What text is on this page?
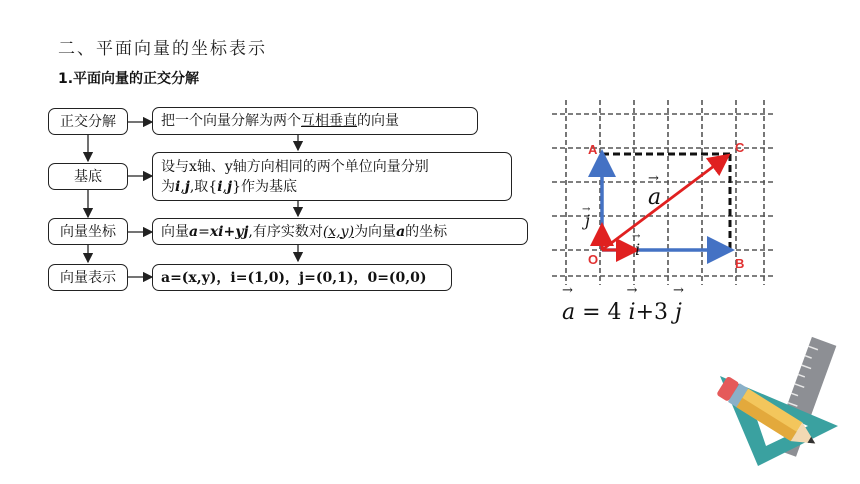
二、平面向量的坐标表示
1.平面向量的正交分解
正交分解
基底
向量坐标
向量表示
把一个向量分解为两个 互相垂直 的向量
设与x轴、y轴方向相同的两个单位向量分别
为i,j,取{i,j}作为基底
向量 a = xi+yj ,有序实数对 (x,y) 为向量 a 的坐标
a=(x,y)，i=(1,0)，j=(0,1)，0=(0,0)
A	C
O	B
→
a
→
j
→
i
→
a = 4
→
i+3
→
j
